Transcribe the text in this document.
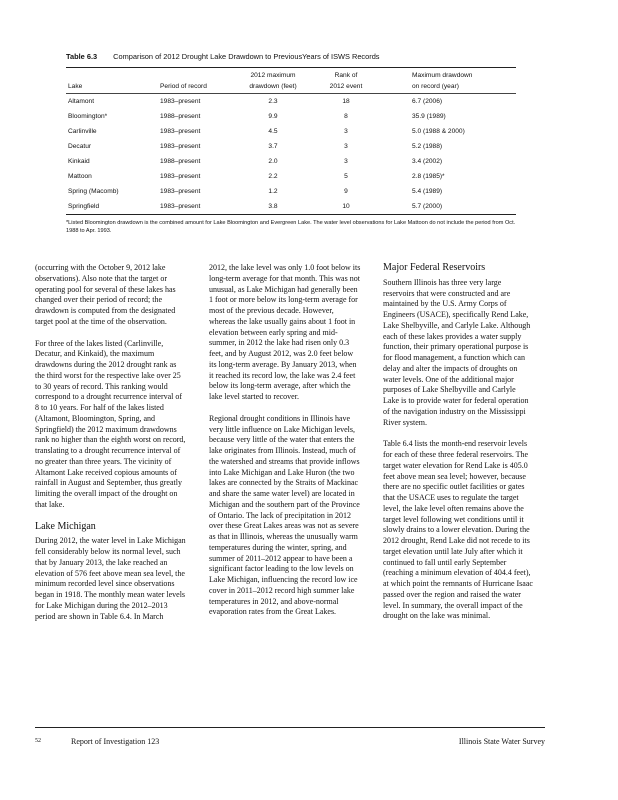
Table 6.3 Comparison of 2012 Drought Lake Drawdown to PreviousYears of ISWS Records
		2012 maximum	Rank of	Maximum drawdown
Lake	Period of record	drawdown (feet)	2012 event	on record (year)

Altamont	1983–present	2.3	18	6.7 (2006)
Bloomington*	1988–present	9.9	8	35.9 (1989)
Carlinville	1983–present	4.5	3	5.0 (1988 & 2000)
Decatur	1983–present	3.7	3	5.2 (1988)
Kinkaid	1988–present	2.0	3	3.4 (2002)
Mattoon	1983–present	2.2	5	2.8 (1985)*
Spring (Macomb)	1983–present	1.2	9	5.4 (1989)
Springfield	1983–present	3.8	10	5.7 (2000)
*Listed Bloomington drawdown is the combined amount for Lake Bloomington and Evergreen Lake. The water level observations for Lake Mattoon do not include the period from Oct. 1988 to Apr. 1993.

(occurring with the October 9, 2012 lake observations). Also note that the target or operating pool for several of these lakes has changed over their period of record; the drawdown is computed from the designated target pool at the time of the observation.

For three of the lakes listed (Carlinville, Decatur, and Kinkaid), the maximum drawdowns during the 2012 drought rank as the third worst for the respective lake over 25 to 30 years of record. This ranking would correspond to a drought recurrence interval of 8 to 10 years. For half of the lakes listed (Altamont, Bloomington, Spring, and Springfield) the 2012 maximum drawdowns rank no higher than the eighth worst on record, translating to a drought recurrence interval of no greater than three years. The vicinity of Altamont Lake received copious amounts of rainfall in August and September, thus greatly limiting the overall impact of the drought on that lake.

Lake Michigan

During 2012, the water level in Lake Michigan fell considerably below its normal level, such that by January 2013, the lake reached an elevation of 576 feet above mean sea level, the minimum recorded level since observations began in 1918. The monthly mean water levels for Lake Michigan during the 2012–2013 period are shown in Table 6.4. In March

2012, the lake level was only 1.0 foot below its long-term average for that month. This was not unusual, as Lake Michigan had generally been 1 foot or more below its long-term average for most of the previous decade. However, whereas the lake usually gains about 1 foot in elevation between early spring and mid-summer, in 2012 the lake had risen only 0.3 feet, and by August 2012, was 2.0 feet below its long-term average. By January 2013, when it reached its record low, the lake was 2.4 feet below its long-term average, after which the lake level started to recover.

Regional drought conditions in Illinois have very little influence on Lake Michigan levels, because very little of the water that enters the lake originates from Illinois. Instead, much of the watershed and streams that provide inflows into Lake Michigan and Lake Huron (the two lakes are connected by the Straits of Mackinac and share the same water level) are located in Michigan and the southern part of the Province of Ontario. The lack of precipitation in 2012 over these Great Lakes areas was not as severe as that in Illinois, whereas the unusually warm temperatures during the winter, spring, and summer of 2011–2012 appear to have been a significant factor leading to the low levels on Lake Michigan, influencing the record low ice cover in 2011–2012 record high summer lake temperatures in 2012, and above-normal evaporation rates from the Great Lakes.

Major Federal Reservoirs

Southern Illinois has three very large reservoirs that were constructed and are maintained by the U.S. Army Corps of Engineers (USACE), specifically Rend Lake, Lake Shelbyville, and Carlyle Lake. Although each of these lakes provides a water supply function, their primary operational purpose is for flood management, a function which can delay and alter the impacts of droughts on water levels. One of the additional major purposes of Lake Shelbyville and Carlyle Lake is to provide water for federal operation of the navigation industry on the Mississippi River system.

Table 6.4 lists the month-end reservoir levels for each of these three federal reservoirs. The target water elevation for Rend Lake is 405.0 feet above mean sea level; however, because there are no specific outlet facilities or gates that the USACE uses to regulate the target level, the lake level often remains above the target level following wet conditions until it slowly drains to a lower elevation. During the 2012 drought, Rend Lake did not recede to its target elevation until late July after which it continued to fall until early September (reaching a minimum elevation of 404.4 feet), at which point the remnants of Hurricane Isaac passed over the region and raised the water level. In summary, the overall impact of the drought on the lake was minimal.

52	Report of Investigation 123	Illinois State Water Survey
